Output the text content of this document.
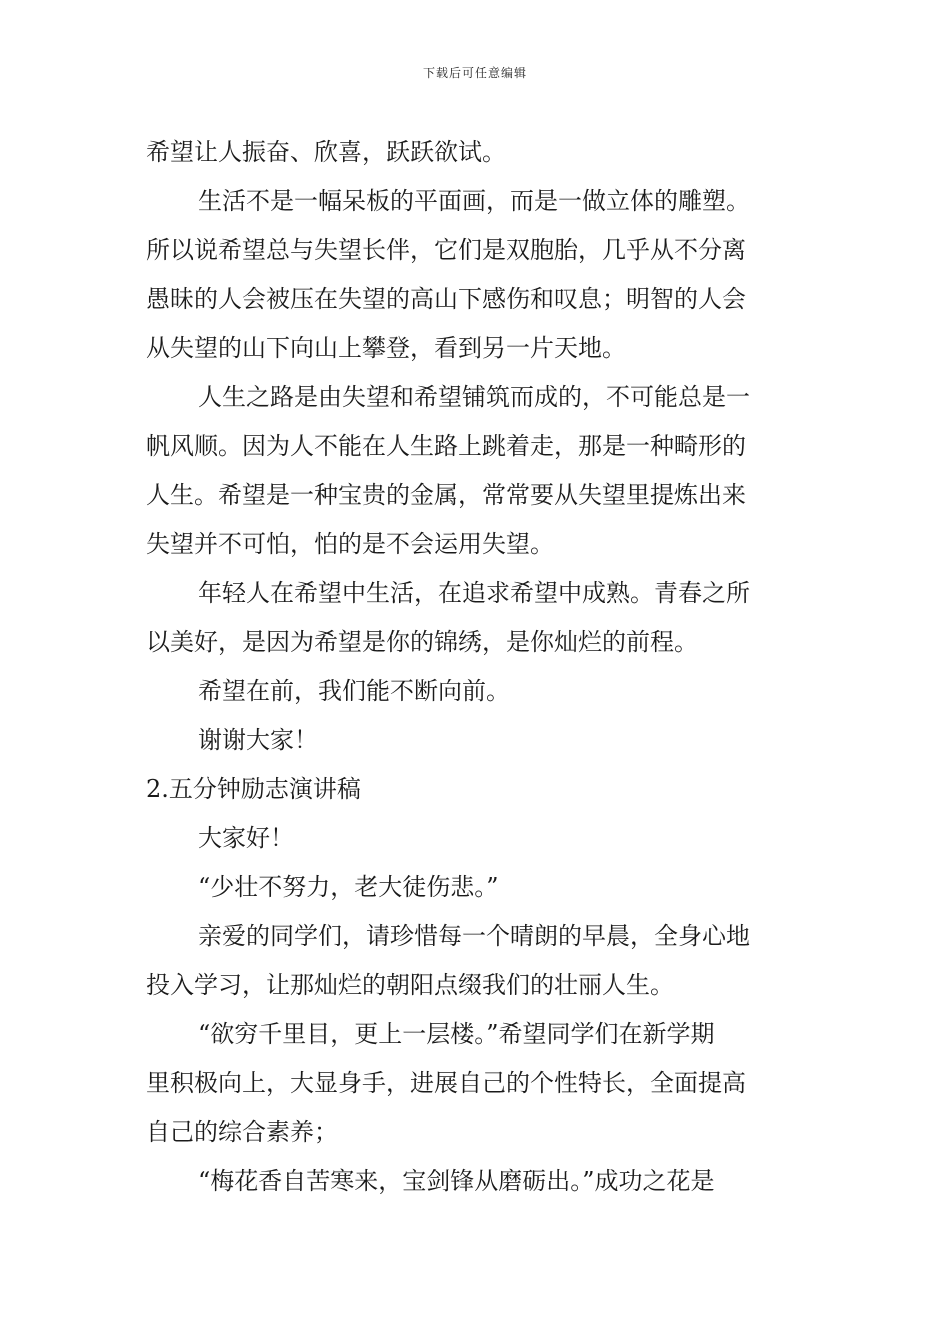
下载后可任意编辑
希望让人振奋、欣喜，跃跃欲试。
生活不是一幅呆板的平面画，而是一做立体的雕塑。
所以说希望总与失望长伴，它们是双胞胎，几乎从不分离
愚昧的人会被压在失望的高山下感伤和叹息；明智的人会
从失望的山下向山上攀登，看到另一片天地。
人生之路是由失望和希望铺筑而成的，不可能总是一
帆风顺。因为人不能在人生路上跳着走，那是一种畸形的
人生。希望是一种宝贵的金属，常常要从失望里提炼出来
失望并不可怕，怕的是不会运用失望。
年轻人在希望中生活，在追求希望中成熟。青春之所
以美好，是因为希望是你的锦绣，是你灿烂的前程。
希望在前，我们能不断向前。
谢谢大家！
2.五分钟励志演讲稿
大家好！
“少壮不努力，老大徒伤悲。”
亲爱的同学们，请珍惜每一个晴朗的早晨，全身心地
投入学习，让那灿烂的朝阳点缀我们的壮丽人生。
“欲穷千里目，更上一层楼。”希望同学们在新学期
里积极向上，大显身手，进展自己的个性特长，全面提高
自己的综合素养；
“梅花香自苦寒来，宝剑锋从磨砺出。”成功之花是
